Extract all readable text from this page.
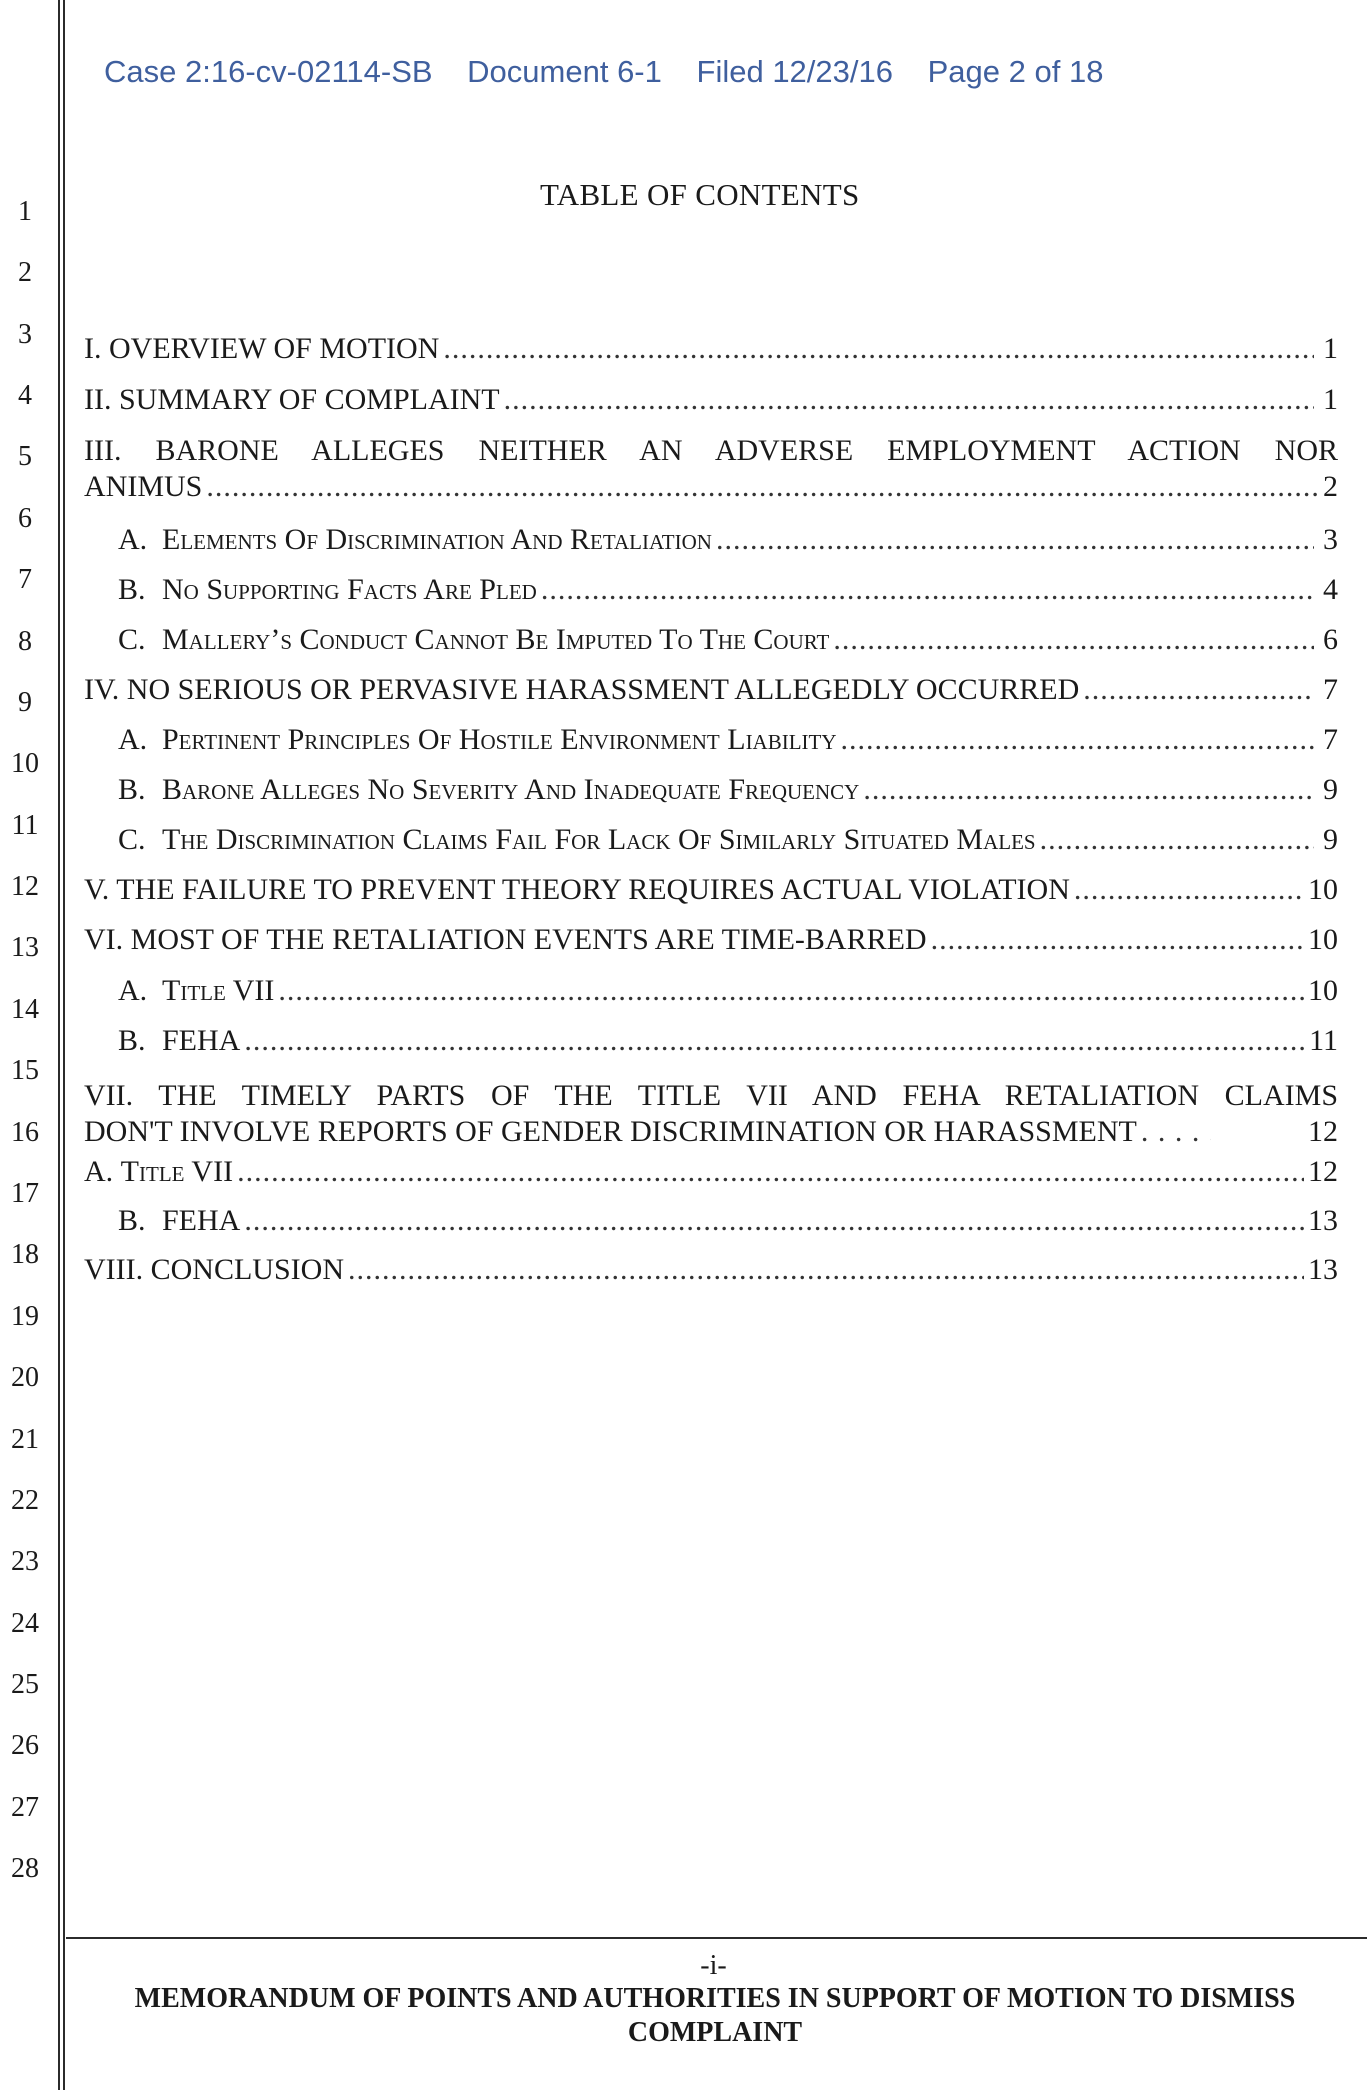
1
2
3
4
5
6
7
8
9
10
11
12
13
14
15
16
17
18
19
20
21
22
23
24
25
26
27
28
Case 2:16-cv-02114-SB Document 6-1 Filed 12/23/16 Page 2 of 18
TABLE OF CONTENTS
I. OVERVIEW OF MOTION .....	1
II. SUMMARY OF COMPLAINT .....	1
III. BARONE ALLEGES NEITHER AN ADVERSE EMPLOYMENT ACTION NOR
ANIMUS .....	2
A. Elements Of Discrimination And Retaliation .....	3
B. No Supporting Facts Are Pled .....	4
C. Mallery’s Conduct Cannot Be Imputed To The Court .....	6
IV. NO SERIOUS OR PERVASIVE HARASSMENT ALLEGEDLY OCCURRED .....	7
A. Pertinent Principles Of Hostile Environment Liability .....	7
B. Barone Alleges No Severity And Inadequate Frequency .....	9
C. The Discrimination Claims Fail For Lack Of Similarly Situated Males .....	9
V. THE FAILURE TO PREVENT THEORY REQUIRES ACTUAL VIOLATION .....	10
VI. MOST OF THE RETALIATION EVENTS ARE TIME-BARRED .....	10
A. Title VII .....	10
B. FEHA .....	11
VII. THE TIMELY PARTS OF THE TITLE VII AND FEHA RETALIATION CLAIMS
DON'T INVOLVE REPORTS OF GENDER DISCRIMINATION OR HARASSMENT . . .	12
A. Title VII .....	12
B. FEHA .....	13
VIII. CONCLUSION .....	13
-i-
MEMORANDUM OF POINTS AND AUTHORITIES IN SUPPORT OF MOTION TO DISMISS
COMPLAINT
